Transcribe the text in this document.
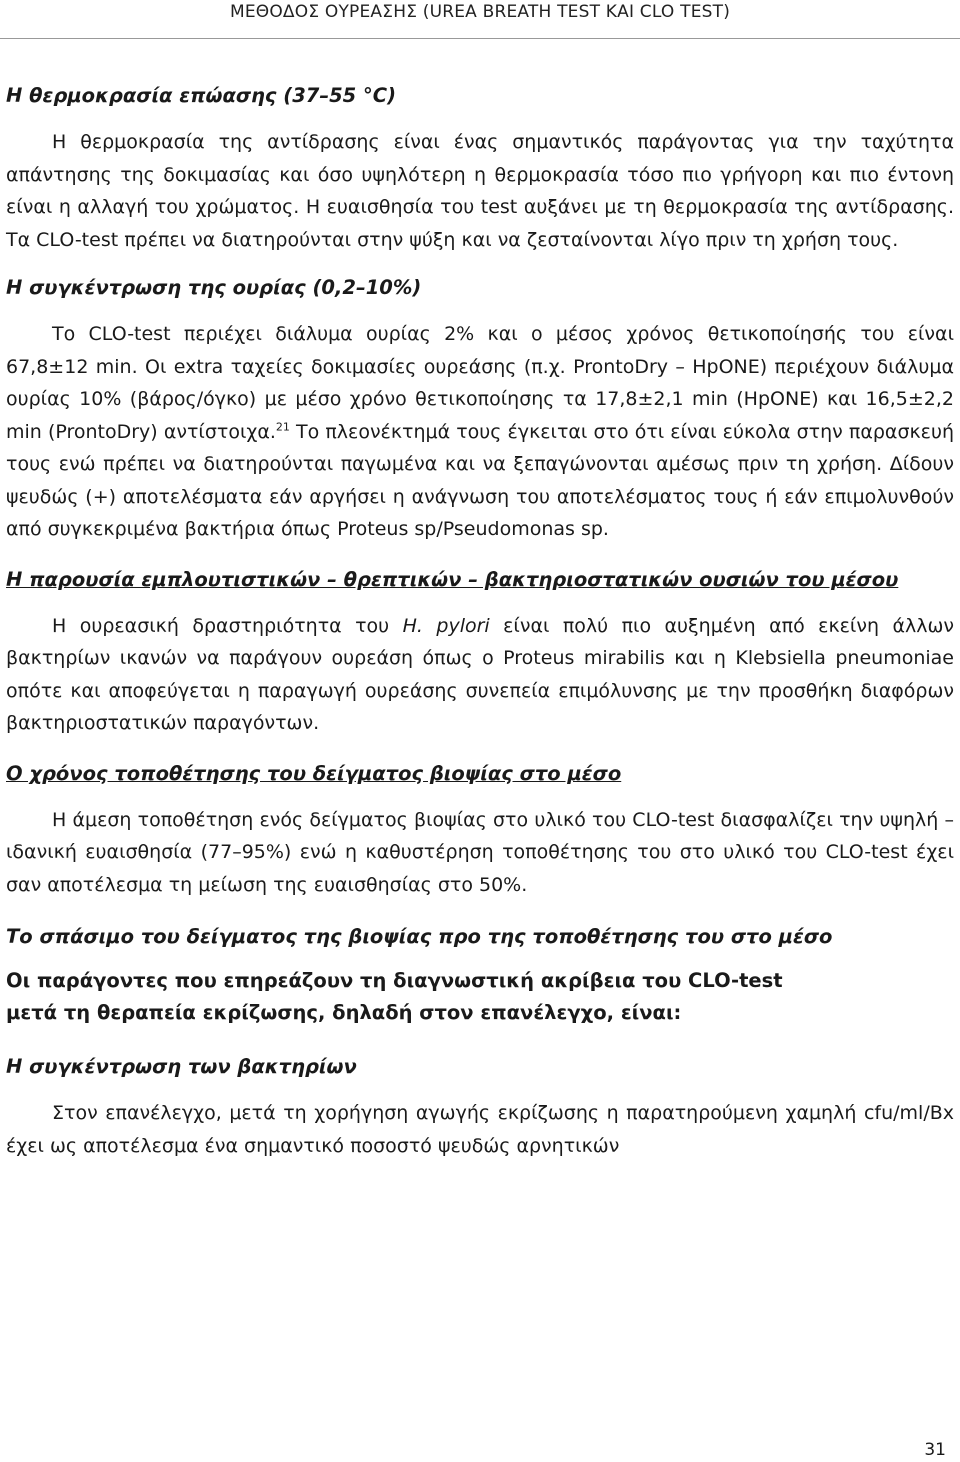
ΜΕΘΟΔΟΣ ΟΥΡΕΑΣΗΣ (UREA BREATH TEST ΚΑΙ CLO TEST)
Η θερμοκρασία επώασης (37–55 °C)

Η θερμοκρασία της αντίδρασης είναι ένας σημαντικός παράγοντας για την ταχύτητα απάντησης της δοκιμασίας και όσο υψηλότερη η θερμοκρασία τόσο πιο γρήγορη και πιο έντονη είναι η αλλαγή του χρώματος. Η ευαισθησία του test αυξάνει με τη θερμοκρασία της αντίδρασης. Τα CLO-test πρέπει να διατηρούνται στην ψύξη και να ζεσταίνονται λίγο πριν τη χρήση τους.

Η συγκέντρωση της ουρίας (0,2–10%)

Το CLO-test περιέχει διάλυμα ουρίας 2% και ο μέσος χρόνος θετικοποίησής του είναι 67,8±12 min. Οι extra ταχείες δοκιμασίες ουρεάσης (π.χ. ProntoDry – HpONE) περιέχουν διάλυμα ουρίας 10% (βάρος/όγκο) με μέσο χρόνο θετικοποίησης τα 17,8±2,1 min (HpONE) και 16,5±2,2 min (ProntoDry) αντίστοιχα.$^{21}$ Το πλεονέκτημά τους έγκειται στο ότι είναι εύκολα στην παρασκευή τους ενώ πρέπει να διατηρούνται παγωμένα και να ξεπαγώνονται αμέσως πριν τη χρήση. Δίδουν ψευδώς (+) αποτελέσματα εάν αργήσει η ανάγνωση του αποτελέσματος τους ή εάν επιμολυνθούν από συγκεκριμένα βακτήρια όπως Proteus sp/Pseudomonas sp.

Η παρουσία εμπλουτιστικών – θρεπτικών – βακτηριοστατικών ουσιών του μέσου

Η ουρεασική δραστηριότητα του H. pylori είναι πολύ πιο αυξημένη από εκείνη άλλων βακτηρίων ικανών να παράγουν ουρεάση όπως ο Proteus mirabilis και η Klebsiella pneumoniae οπότε και αποφεύγεται η παραγωγή ουρεάσης συνεπεία επιμόλυνσης με την προσθήκη διαφόρων βακτηριοστατικών παραγόντων.

Ο χρόνος τοποθέτησης του δείγματος βιοψίας στο μέσο

Η άμεση τοποθέτηση ενός δείγματος βιοψίας στο υλικό του CLO-test διασφαλίζει την υψηλή – ιδανική ευαισθησία (77–95%) ενώ η καθυστέρηση τοποθέτησης του στο υλικό του CLO-test έχει σαν αποτέλεσμα τη μείωση της ευαισθησίας στο 50%.

Το σπάσιμο του δείγματος της βιοψίας προ της τοποθέτησης του στο μέσο
Οι παράγοντες που επηρεάζουν τη διαγνωστική ακρίβεια του CLO-test
μετά τη θεραπεία εκρίζωσης, δηλαδή στον επανέλεγχο, είναι:
Η συγκέντρωση των βακτηρίων

Στον επανέλεγχο, μετά τη χορήγηση αγωγής εκρίζωσης η παρατηρούμενη χαμηλή cfu/ml/Bx έχει ως αποτέλεσμα ένα σημαντικό ποσοστό ψευδώς αρνητικών

31
